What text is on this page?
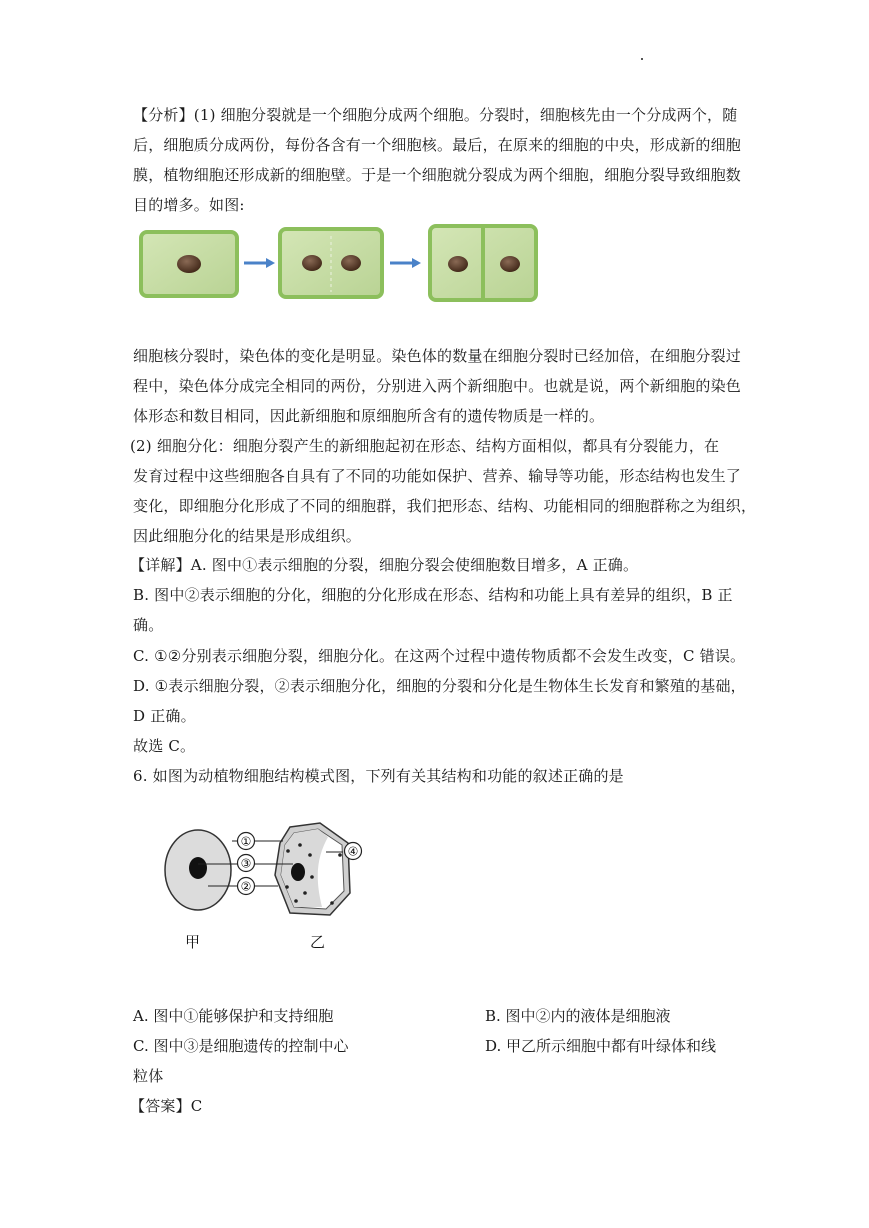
【分析】(1) 细胞分裂就是一个细胞分成两个细胞。分裂时，细胞核先由一个分成两个，随
后，细胞质分成两份，每份各含有一个细胞核。最后，在原来的细胞的中央，形成新的细胞
膜，植物细胞还形成新的细胞壁。于是一个细胞就分裂成为两个细胞，细胞分裂导致细胞数
目的增多。如图:
细胞核分裂时，染色体的变化是明显。染色体的数量在细胞分裂时已经加倍，在细胞分裂过
程中，染色体分成完全相同的两份，分别进入两个新细胞中。也就是说，两个新细胞的染色
体形态和数目相同，因此新细胞和原细胞所含有的遗传物质是一样的。
(2) 细胞分化：细胞分裂产生的新细胞起初在形态、结构方面相似，都具有分裂能力，在
发育过程中这些细胞各自具有了不同的功能如保护、营养、输导等功能，形态结构也发生了
变化，即细胞分化形成了不同的细胞群，我们把形态、结构、功能相同的细胞群称之为组织，
因此细胞分化的结果是形成组织。
【详解】A. 图中①表示细胞的分裂，细胞分裂会使细胞数目增多，A 正确。
B. 图中②表示细胞的分化，细胞的分化形成在形态、结构和功能上具有差异的组织，B 正
确。
C. ①②分别表示细胞分裂，细胞分化。在这两个过程中遗传物质都不会发生改变，C 错误。
D. ①表示细胞分裂，②表示细胞分化，细胞的分裂和分化是生物体生长发育和繁殖的基础，
D 正确。
故选 C。
6. 如图为动植物细胞结构模式图，下列有关其结构和功能的叙述正确的是
①
③
②
④
甲	乙
A. 图中①能够保护和支持细胞	B. 图中②内的液体是细胞液
C. 图中③是细胞遗传的控制中心	D. 甲乙所示细胞中都有叶绿体和线
粒体
【答案】C
